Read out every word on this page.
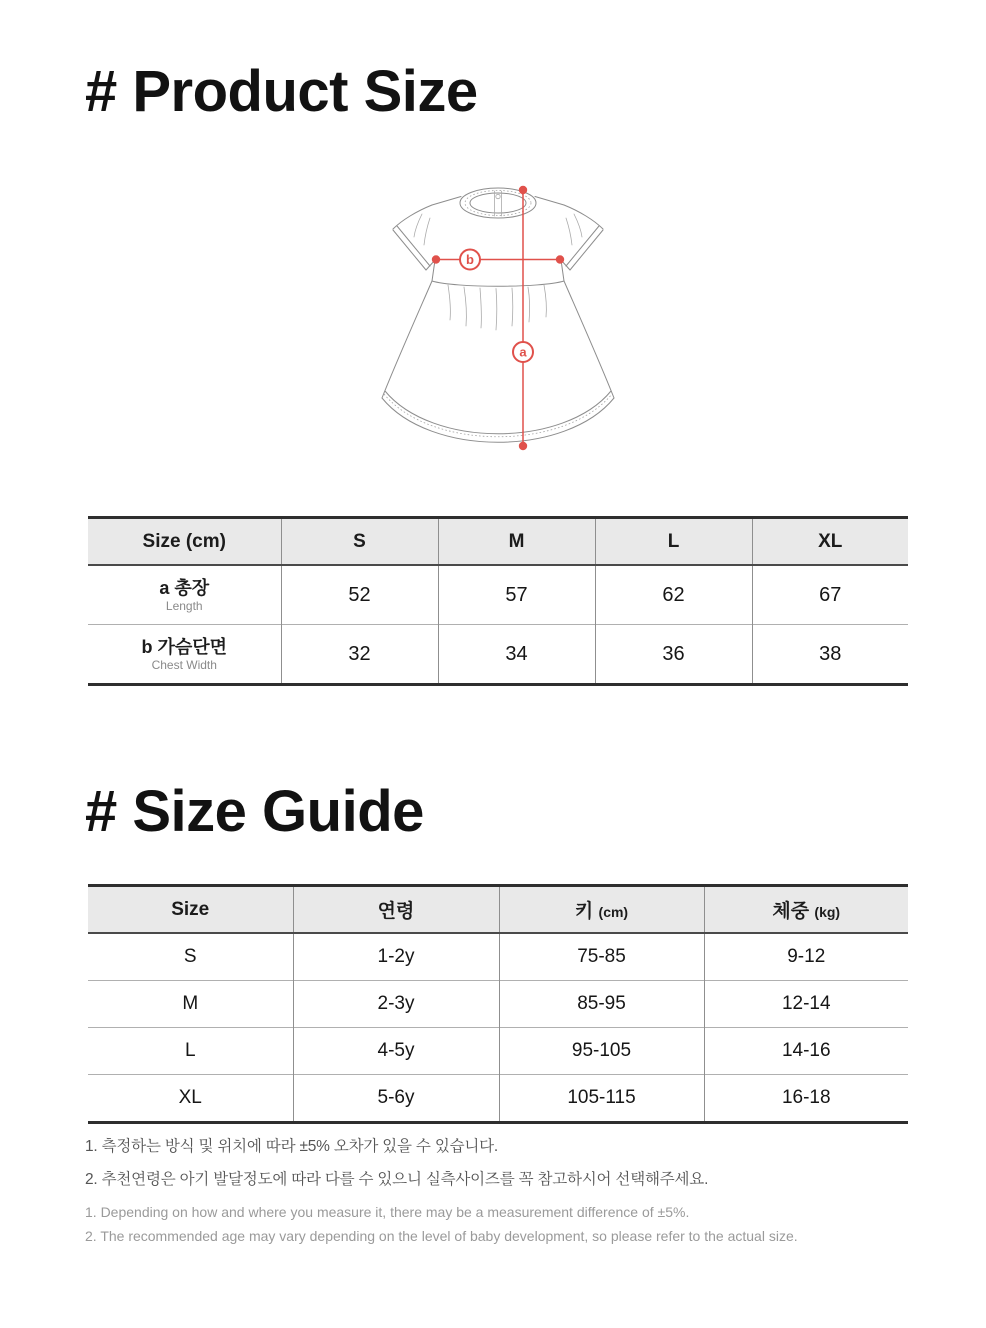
# Product Size
a
b
Size (cm)	S	M	L	XL

a 총장
Length	52	57	62	67

b 가슴단면
Chest Width	32	34	36	38
# Size Guide
Size	연령	키 (cm)	체중 (kg)
S	1-2y	75-85	9-12
M	2-3y	85-95	12-14
L	4-5y	95-105	14-16
XL	5-6y	105-115	16-18
1. 측정하는 방식 및 위치에 따라 ±5% 오차가 있을 수 있습니다.
2. 추천연령은 아기 발달정도에 따라 다를 수 있으니 실측사이즈를 꼭 참고하시어 선택해주세요.
1. Depending on how and where you measure it, there may be a measurement difference of ±5%.
2. The recommended age may vary depending on the level of baby development, so please refer to the actual size.
